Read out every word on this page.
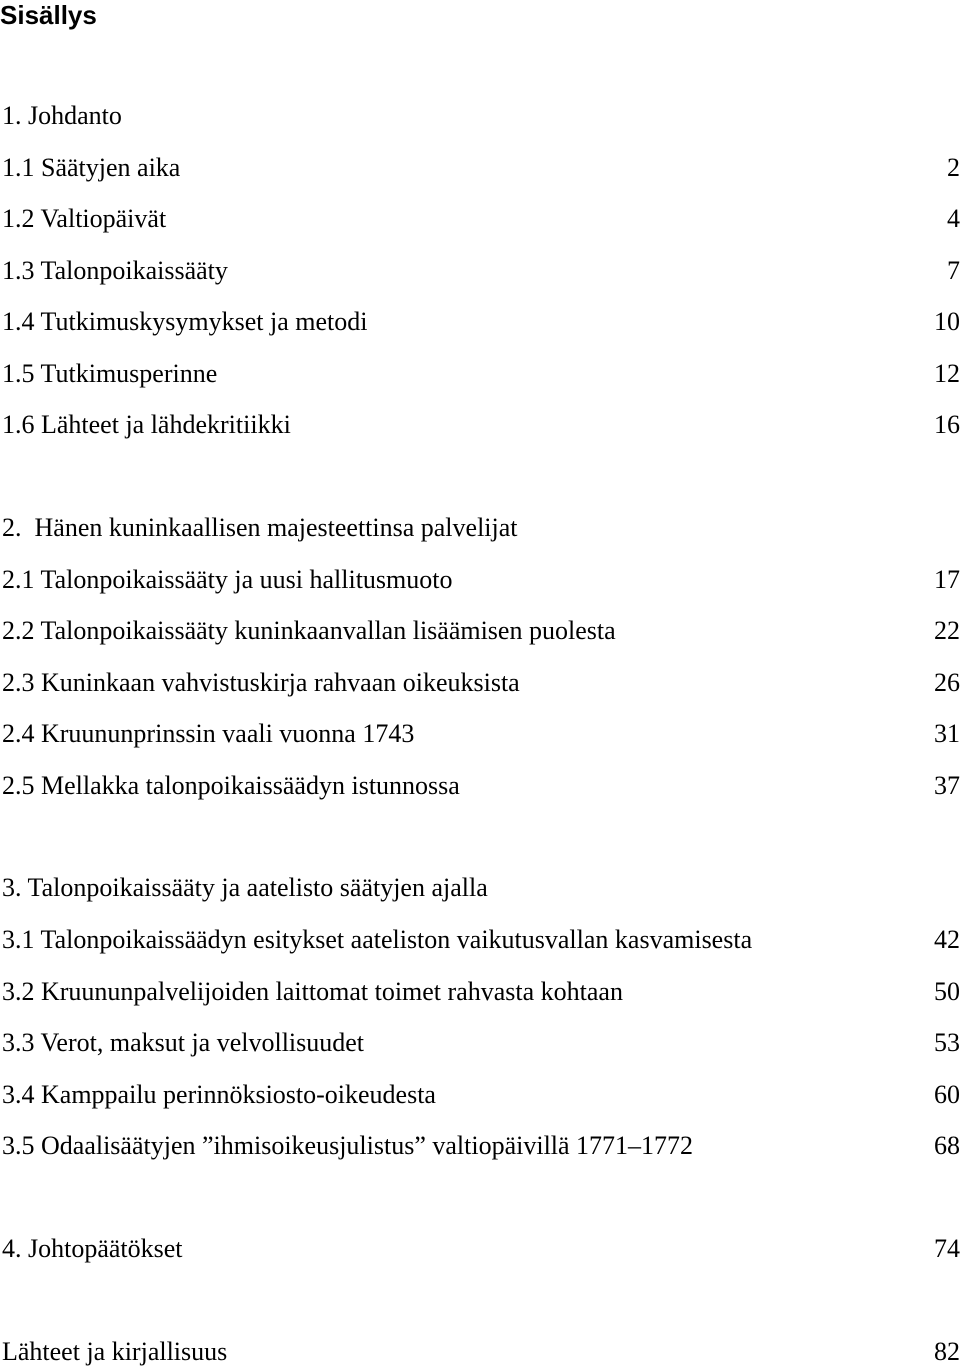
Sisällys
1. Johdanto
1.1 Säätyjen aika	2
1.2 Valtiopäivät	4
1.3 Talonpoikaissääty	7
1.4 Tutkimuskysymykset ja metodi	10
1.5 Tutkimusperinne	12
1.6 Lähteet ja lähdekritiikki	16
2.  Hänen kuninkaallisen majesteettinsa palvelijat
2.1 Talonpoikaissääty ja uusi hallitusmuoto	17
2.2 Talonpoikaissääty kuninkaanvallan lisäämisen puolesta	22
2.3 Kuninkaan vahvistuskirja rahvaan oikeuksista	26
2.4 Kruununprinssin vaali vuonna 1743	31
2.5 Mellakka talonpoikaissäädyn istunnossa	37
3. Talonpoikaissääty ja aatelisto säätyjen ajalla
3.1 Talonpoikaissäädyn esitykset aateliston vaikutusvallan kasvamisesta	42
3.2 Kruununpalvelijoiden laittomat toimet rahvasta kohtaan	50
3.3 Verot, maksut ja velvollisuudet	53
3.4 Kamppailu perinnöksiosto-oikeudesta	60
3.5 Odaalisäätyjen ”ihmisoikeusjulistus” valtiopäivillä 1771–1772	68
4. Johtopäätökset	74
Lähteet ja kirjallisuus	82
